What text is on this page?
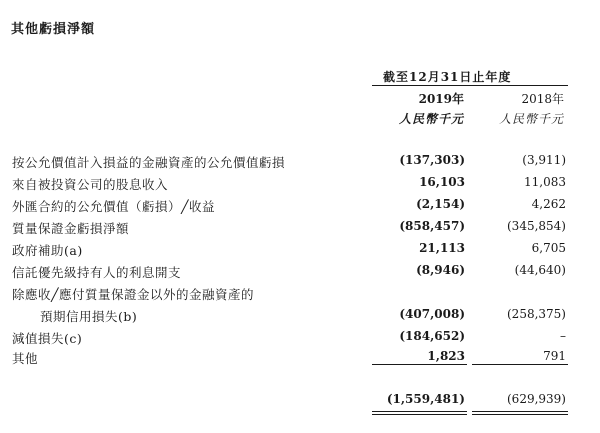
其他虧損淨額
截至12月31日止年度
2019年	2018年
人民幣千元	人民幣千元
按公允價值計入損益的金融資產的公允價值虧損	(137,303)	(3,911)
來自被投資公司的股息收入	16,103	11,083
外匯合約的公允價值（虧損）╱收益	(2,154)	4,262
質量保證金虧損淨額	(858,457)	(345,854)
政府補助(a)	21,113	6,705
信託優先級持有人的利息開支	(8,946)	(44,640)
除應收╱應付質量保證金以外的金融資產的
預期信用損失(b)	(407,008)	(258,375)
減值損失(c)	(184,652)	–
其他	1,823	791
(1,559,481)	(629,939)
